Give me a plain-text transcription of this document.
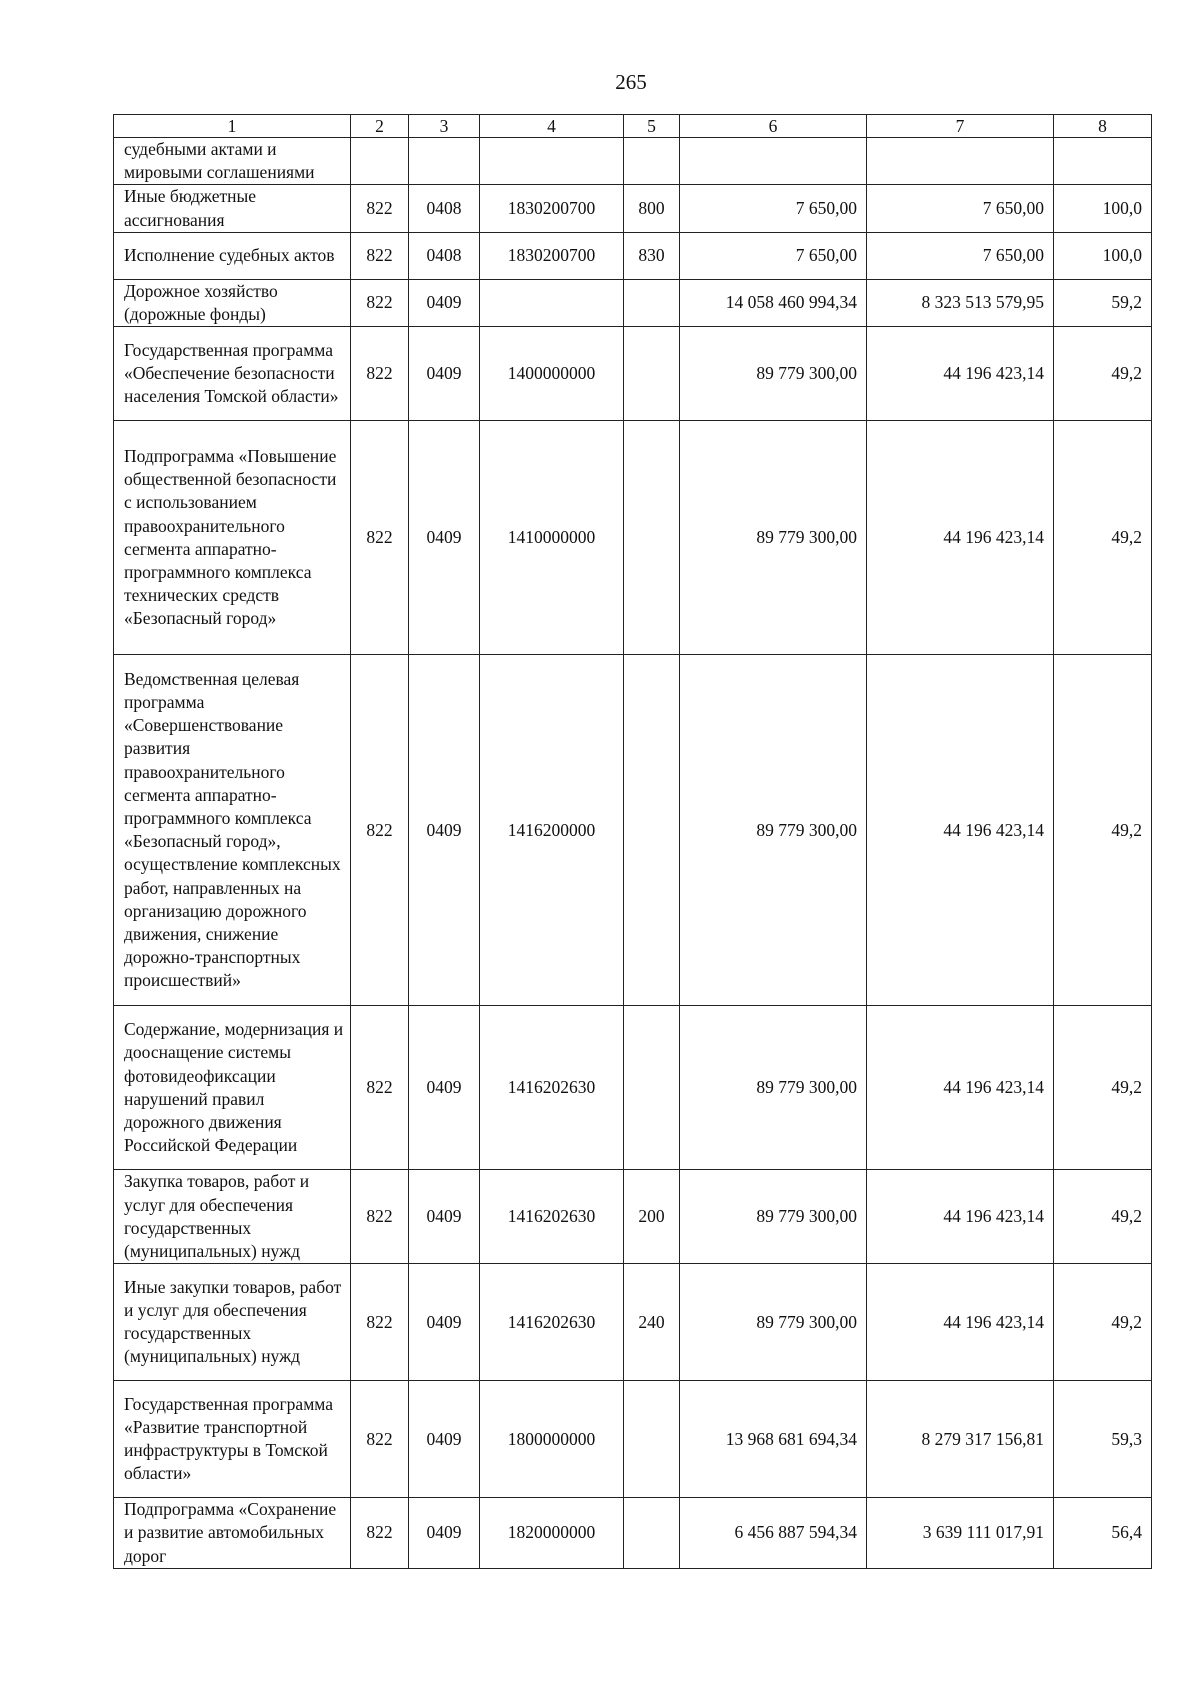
265
1	2	3	4	5	6	7	8
судебными актами и мировыми соглашениями							
Иные бюджетные ассигнования	822	0408	1830200700	800	7 650,00	7 650,00	100,0
Исполнение судебных актов	822	0408	1830200700	830	7 650,00	7 650,00	100,0
Дорожное хозяйство (дорожные фонды)	822	0409			14 058 460 994,34	8 323 513 579,95	59,2
Государственная программа «Обеспечение безопасности населения Томской области»	822	0409	1400000000		89 779 300,00	44 196 423,14	49,2
Подпрограмма «Повышение общественной безопасности с использованием правоохранительного сегмента аппаратно-программного комплекса технических средств «Безопасный город»	822	0409	1410000000		89 779 300,00	44 196 423,14	49,2
Ведомственная целевая программа «Совершенствование развития правоохранительного сегмента аппаратно-программного комплекса «Безопасный город», осуществление комплексных работ, направленных на организацию дорожного движения, снижение дорожно-транспортных происшествий»	822	0409	1416200000		89 779 300,00	44 196 423,14	49,2
Содержание, модернизация и дооснащение системы фотовидеофиксации нарушений правил дорожного движения Российской Федерации	822	0409	1416202630		89 779 300,00	44 196 423,14	49,2
Закупка товаров, работ и услуг для обеспечения государственных (муниципальных) нужд	822	0409	1416202630	200	89 779 300,00	44 196 423,14	49,2
Иные закупки товаров, работ и услуг для обеспечения государственных (муниципальных) нужд	822	0409	1416202630	240	89 779 300,00	44 196 423,14	49,2
Государственная программа «Развитие транспортной инфраструктуры в Томской области»	822	0409	1800000000		13 968 681 694,34	8 279 317 156,81	59,3
Подпрограмма «Сохранение и развитие автомобильных дорог	822	0409	1820000000		6 456 887 594,34	3 639 111 017,91	56,4
